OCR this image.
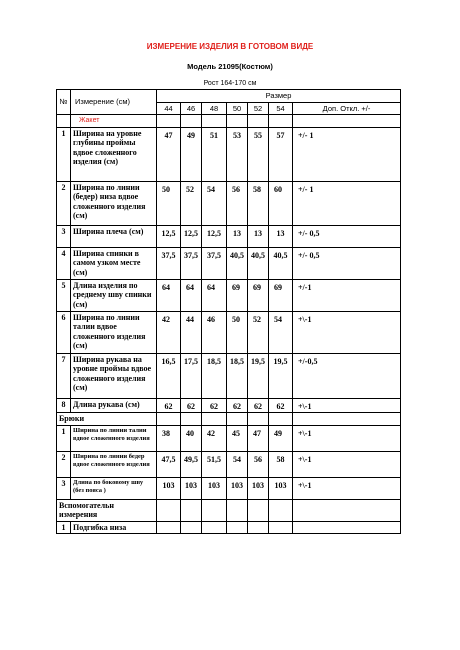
ИЗМЕРЕНИЕ ИЗДЕЛИЯ В ГОТОВОМ ВИДЕ
Модель 21095(Костюм)
Рост 164-170 см
№	Измерение (см)	Размер						
		44	46	48	50	52	54	Доп. Откл. +/-
	Жакет							
1	Ширина на уровне глубины проймы вдвое сложенного изделия (см)	47	49	51	53	55	57	+/- 1
2	Ширина по линии (бедер) низа вдвое сложенного изделия (см)	50	52	54	56	58	60	+/- 1
3	Ширина плеча (см)	12,5	12,5	12,5	13	13	13	+/- 0,5
4	Ширина спинки в самом узком месте (см)	37,5	37,5	37,5	40,5	40,5	40,5	+/- 0,5
5	Длина изделия по среднему шву спинки (см)	64	64	64	69	69	69	+/-1
6	Ширина по линии талии вдвое сложенного изделия (см)	42	44	46	50	52	54	+\-1
7	Ширина рукава на уровне проймы вдвое сложенного изделия (см)	16,5	17,5	18,5	18,5	19,5	19,5	+/-0,5
8	Длина рукава (см)	62	62	62	62	62	62	+\-1
Брюки								
1	Ширина по линии талии вдвое сложенного изделия	38	40	42	45	47	49	+\-1
2	Ширина по линии бедер вдвое сложенного изделия	47,5	49,5	51,5	54	56	58	+\-1
3	Длина по боковому шву (без пояса )	103	103	103	103	103	103	+\-1
Вспомогательн измерения								
1	Подгибка низа							
